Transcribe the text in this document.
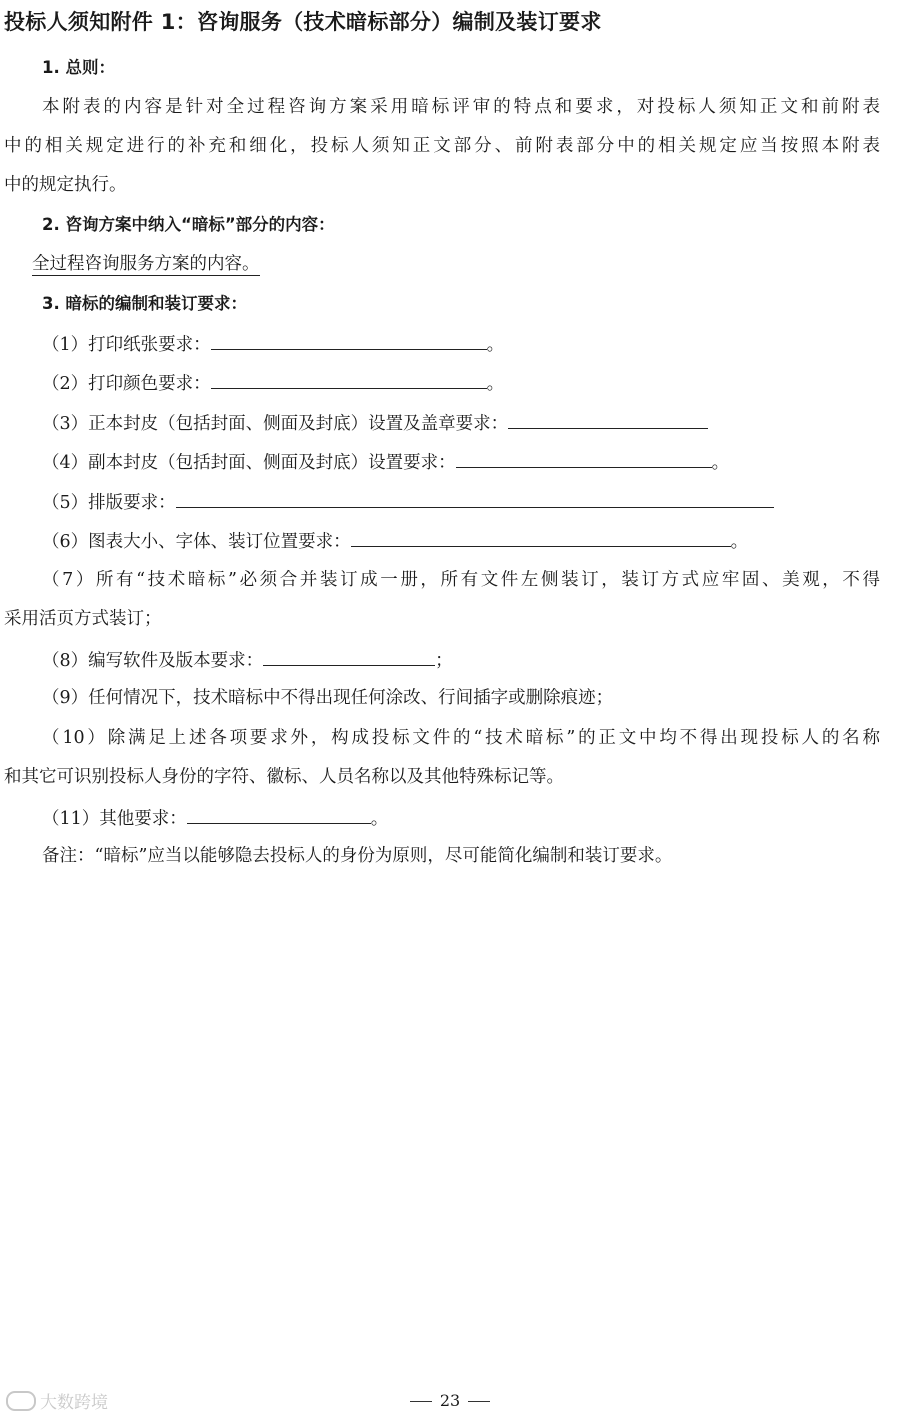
投标人须知附件 1：咨询服务（技术暗标部分）编制及装订要求
1. 总则：
本附表的内容是针对全过程咨询方案采用暗标评审的特点和要求，对投标人须知正文和前附表
中的相关规定进行的补充和细化，投标人须知正文部分、前附表部分中的相关规定应当按照本附表
中的规定执行。
2. 咨询方案中纳入“暗标”部分的内容：
全过程咨询服务方案的内容。
3. 暗标的编制和装订要求：
（1）打印纸张要求：	。
（2）打印颜色要求：	。
（3）正本封皮（包括封面、侧面及封底）设置及盖章要求：
（4）副本封皮（包括封面、侧面及封底）设置要求：	。
（5）排版要求：
（6）图表大小、字体、装订位置要求：	。
（7）所有“技术暗标”必须合并装订成一册，所有文件左侧装订，装订方式应牢固、美观，不得
采用活页方式装订；
（8）编写软件及版本要求：	；
（9）任何情况下，技术暗标中不得出现任何涂改、行间插字或删除痕迹；
（10）除满足上述各项要求外，构成投标文件的“技术暗标”的正文中均不得出现投标人的名称
和其它可识别投标人身份的字符、徽标、人员名称以及其他特殊标记等。
（11）其他要求：	。
备注：“暗标”应当以能够隐去投标人的身份为原则，尽可能简化编制和装订要求。
大数跨境	23
